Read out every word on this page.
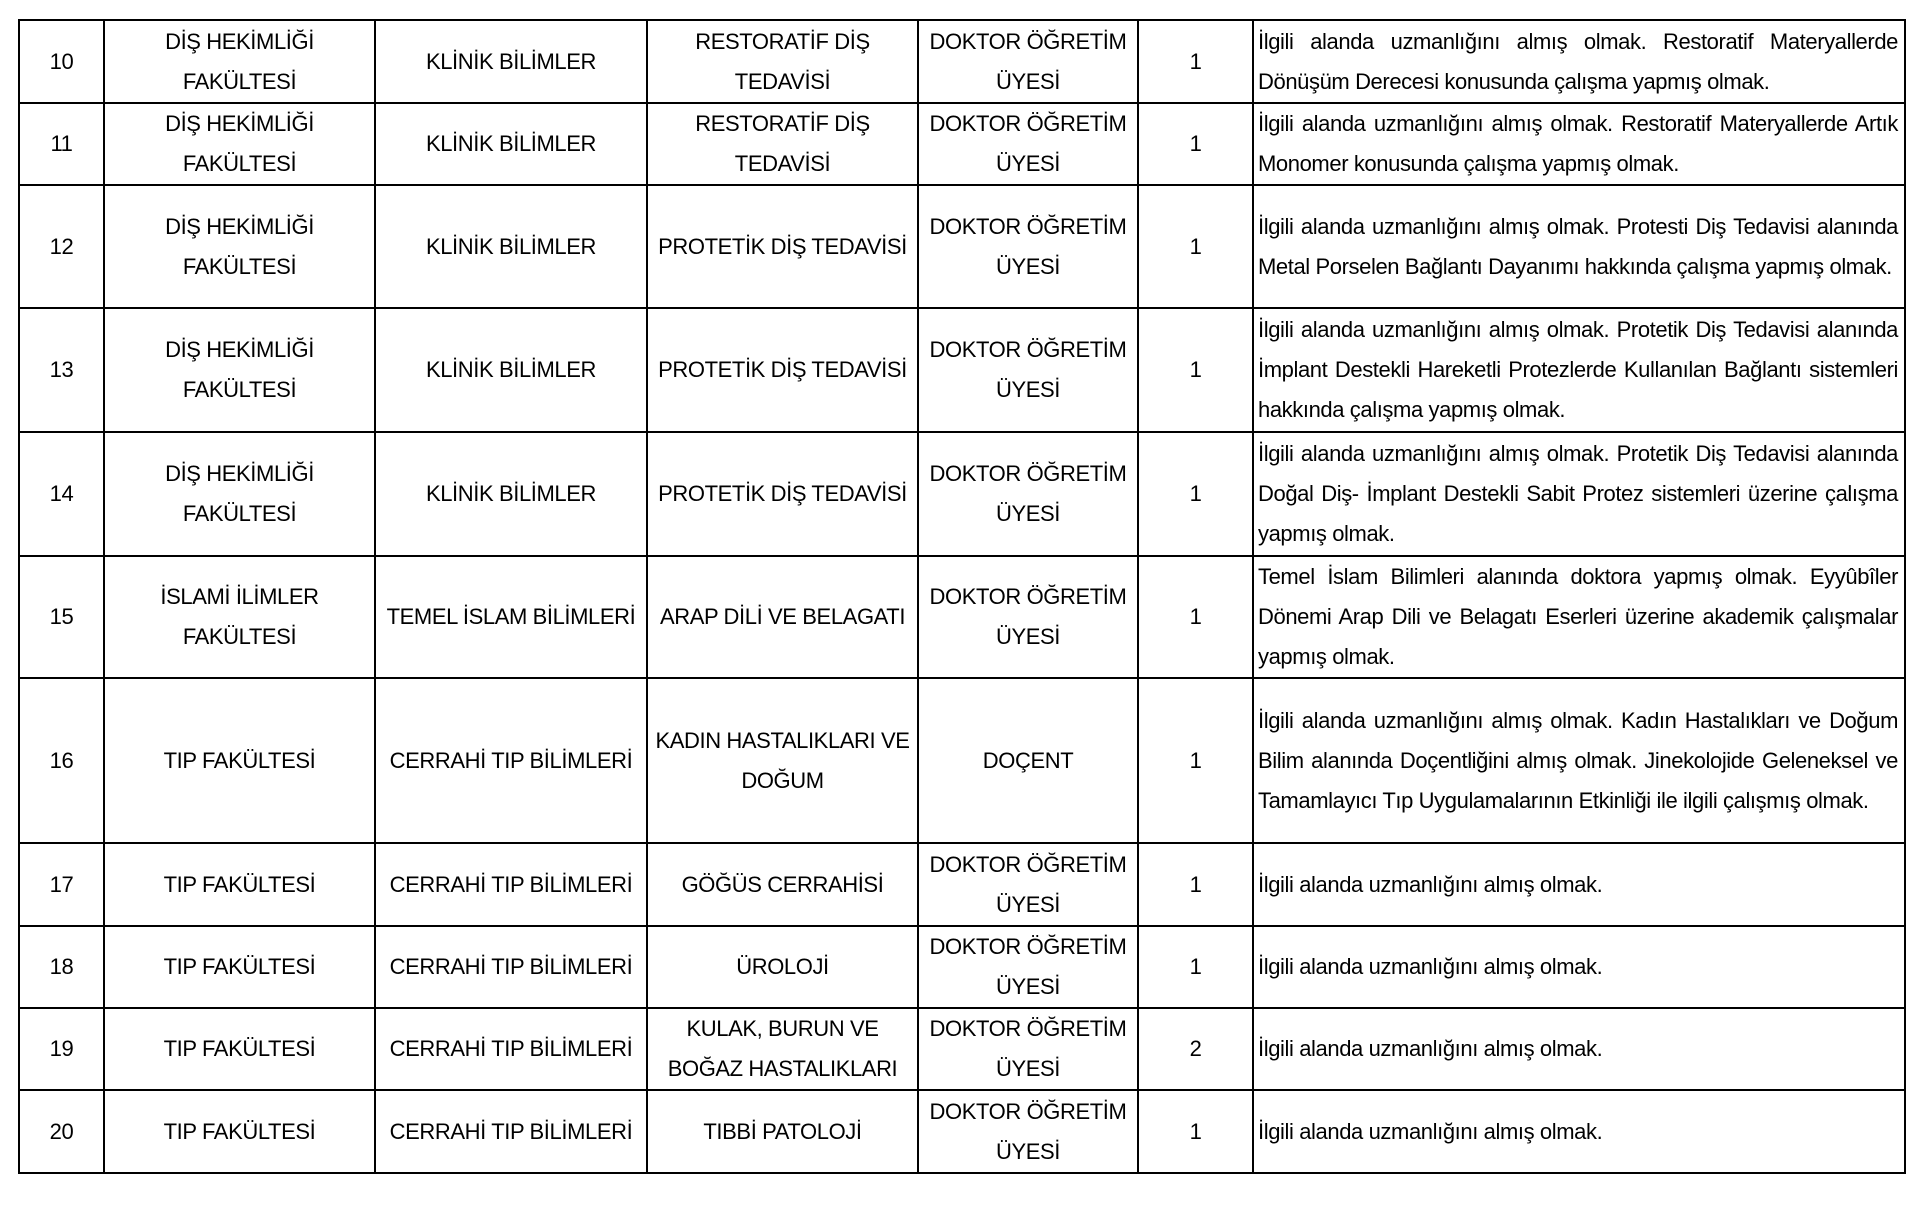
10	DİŞ HEKİMLİĞİ FAKÜLTESİ	KLİNİK BİLİMLER	RESTORATİF DİŞ TEDAVİSİ	DOKTOR ÖĞRETİM ÜYESİ	1	İlgili alanda uzmanlığını almış olmak. Restoratif Materyallerde Dönüşüm Derecesi konusunda çalışma yapmış olmak.
11	DİŞ HEKİMLİĞİ FAKÜLTESİ	KLİNİK BİLİMLER	RESTORATİF DİŞ TEDAVİSİ	DOKTOR ÖĞRETİM ÜYESİ	1	İlgili alanda uzmanlığını almış olmak. Restoratif Materyallerde Artık Monomer konusunda çalışma yapmış olmak.
12	DİŞ HEKİMLİĞİ FAKÜLTESİ	KLİNİK BİLİMLER	PROTETİK DİŞ TEDAVİSİ	DOKTOR ÖĞRETİM ÜYESİ	1	İlgili alanda uzmanlığını almış olmak. Protesti Diş Tedavisi alanında Metal Porselen Bağlantı Dayanımı hakkında çalışma yapmış olmak.
13	DİŞ HEKİMLİĞİ FAKÜLTESİ	KLİNİK BİLİMLER	PROTETİK DİŞ TEDAVİSİ	DOKTOR ÖĞRETİM ÜYESİ	1	İlgili alanda uzmanlığını almış olmak. Protetik Diş Tedavisi alanında İmplant Destekli Hareketli Protezlerde Kullanılan Bağlantı sistemleri hakkında çalışma yapmış olmak.
14	DİŞ HEKİMLİĞİ FAKÜLTESİ	KLİNİK BİLİMLER	PROTETİK DİŞ TEDAVİSİ	DOKTOR ÖĞRETİM ÜYESİ	1	İlgili alanda uzmanlığını almış olmak. Protetik Diş Tedavisi alanında Doğal Diş- İmplant Destekli Sabit Protez sistemleri üzerine çalışma yapmış olmak.
15	İSLAMİ İLİMLER FAKÜLTESİ	TEMEL İSLAM BİLİMLERİ	ARAP DİLİ VE BELAGATI	DOKTOR ÖĞRETİM ÜYESİ	1	Temel İslam Bilimleri alanında doktora yapmış olmak. Eyyûbîler Dönemi Arap Dili ve Belagatı Eserleri üzerine akademik çalışmalar yapmış olmak.
16	TIP FAKÜLTESİ	CERRAHİ TIP BİLİMLERİ	KADIN HASTALIKLARI VE DOĞUM	DOÇENT	1	İlgili alanda uzmanlığını almış olmak. Kadın Hastalıkları ve Doğum Bilim alanında Doçentliğini almış olmak. Jinekolojide Geleneksel ve Tamamlayıcı Tıp Uygulamalarının Etkinliği ile ilgili çalışmış olmak.
17	TIP FAKÜLTESİ	CERRAHİ TIP BİLİMLERİ	GÖĞÜS CERRAHİSİ	DOKTOR ÖĞRETİM ÜYESİ	1	İlgili alanda uzmanlığını almış olmak.
18	TIP FAKÜLTESİ	CERRAHİ TIP BİLİMLERİ	ÜROLOJİ	DOKTOR ÖĞRETİM ÜYESİ	1	İlgili alanda uzmanlığını almış olmak.
19	TIP FAKÜLTESİ	CERRAHİ TIP BİLİMLERİ	KULAK, BURUN VE BOĞAZ HASTALIKLARI	DOKTOR ÖĞRETİM ÜYESİ	2	İlgili alanda uzmanlığını almış olmak.
20	TIP FAKÜLTESİ	CERRAHİ TIP BİLİMLERİ	TIBBİ PATOLOJİ	DOKTOR ÖĞRETİM ÜYESİ	1	İlgili alanda uzmanlığını almış olmak.
